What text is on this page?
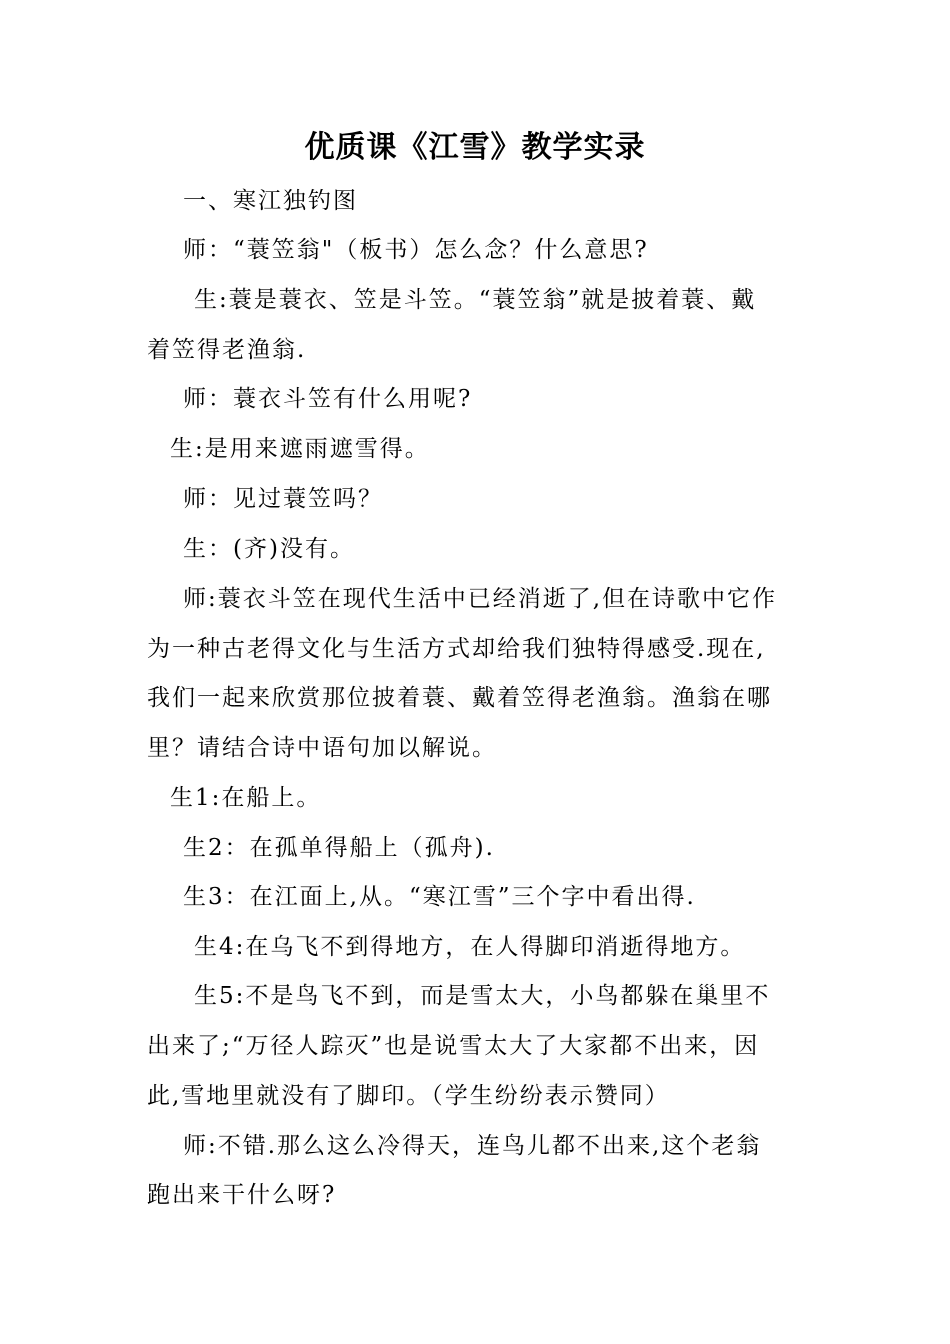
优质课《江雪》教学实录
一、寒江独钓图
师：“蓑笠翁"（板书）怎么念？什么意思?
生:蓑是蓑衣、笠是斗笠。“蓑笠翁”就是披着蓑、戴
着笠得老渔翁.
师：蓑衣斗笠有什么用呢?
生:是用来遮雨遮雪得。
师：见过蓑笠吗？
生：(齐)没有。
师:蓑衣斗笠在现代生活中已经消逝了,但在诗歌中它作
为一种古老得文化与生活方式却给我们独特得感受.现在,
我们一起来欣赏那位披着蓑、戴着笠得老渔翁。渔翁在哪
里？请结合诗中语句加以解说。
生1:在船上。
生2：在孤单得船上（孤舟).
生3：在江面上,从。“寒江雪”三个字中看出得.
生4:在乌飞不到得地方，在人得脚印消逝得地方。
生5:不是鸟飞不到，而是雪太大，小鸟都躲在巢里不
出来了;“万径人踪灭”也是说雪太大了大家都不出来，因
此,雪地里就没有了脚印。（学生纷纷表示赞同）
师:不错.那么这么冷得天，连鸟儿都不出来,这个老翁
跑出来干什么呀?
